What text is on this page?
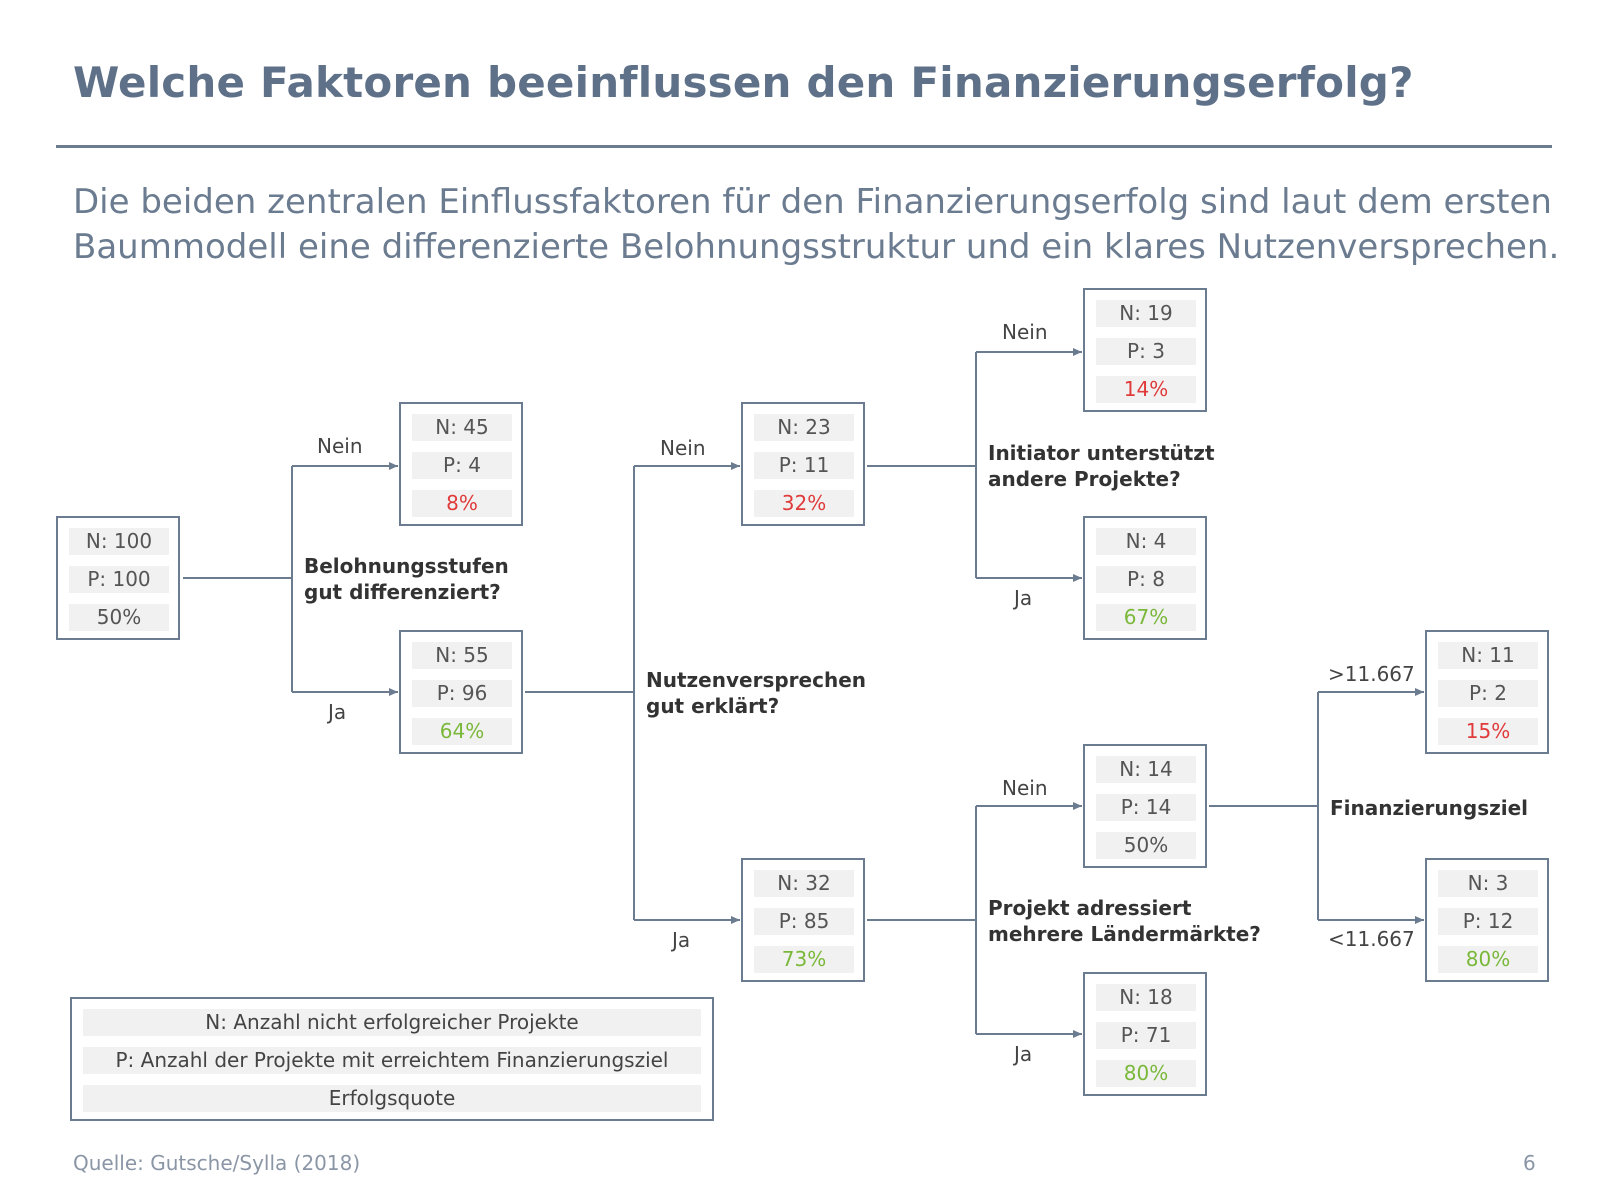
Welche Faktoren beeinflussen den Finanzierungserfolg?
Die beiden zentralen Einflussfaktoren für den Finanzierungserfolg sind laut dem ersten
Baummodell eine differenzierte Belohnungsstruktur und ein klares Nutzenversprechen.
N: 100
P: 100
50%
N: 45
P: 4
8%
N: 55
P: 96
64%
N: 23
P: 11
32%
N: 32
P: 85
73%
N: 19
P: 3
14%
N: 4
P: 8
67%
N: 14
P: 14
50%
N: 18
P: 71
80%
N: 11
P: 2
15%
N: 3
P: 12
80%
Belohnungsstufen
gut differenziert?
Nutzenversprechen
gut erklärt?
Initiator unterstützt
andere Projekte?
Projekt adressiert
mehrere Ländermärkte?
Finanzierungsziel
Nein
Ja
Nein
Ja
Nein
Ja
Nein
Ja
>11.667
<11.667
N: Anzahl nicht erfolgreicher Projekte
P: Anzahl der Projekte mit erreichtem Finanzierungsziel
Erfolgsquote
Quelle: Gutsche/Sylla (2018)	6
